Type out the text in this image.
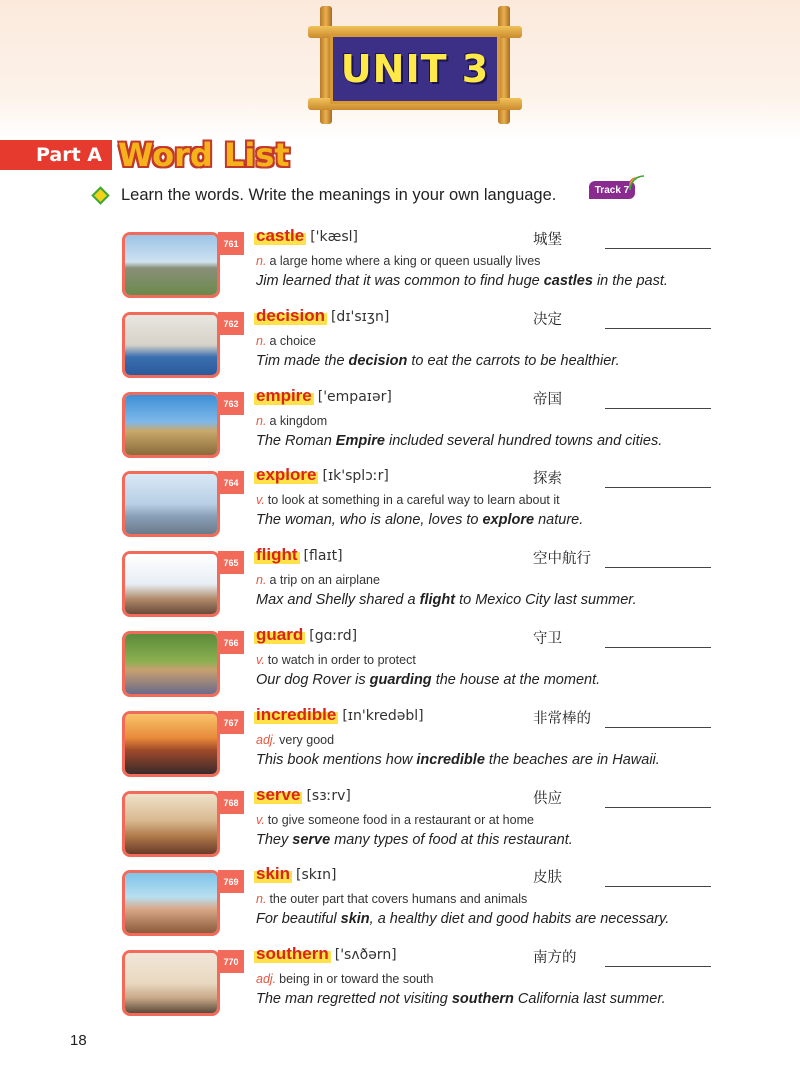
UNIT 3
Part A Word List
Learn the words. Write the meanings in your own language.	Track 7
761	castle ['kæsl]	城堡
n. a large home where a king or queen usually lives
Jim learned that it was common to find huge castles in the past.
762	decision [dɪ'sɪʒn]	决定
n. a choice
Tim made the decision to eat the carrots to be healthier.
763	empire ['empaɪər]	帝国
n. a kingdom
The Roman Empire included several hundred towns and cities.
764	explore [ɪk'splɔːr]	探索
v. to look at something in a careful way to learn about it
The woman, who is alone, loves to explore nature.
765	flight [flaɪt]	空中航行
n. a trip on an airplane
Max and Shelly shared a flight to Mexico City last summer.
766	guard [gɑːrd]	守卫
v. to watch in order to protect
Our dog Rover is guarding the house at the moment.
767	incredible [ɪn'kredəbl]	非常棒的
adj. very good
This book mentions how incredible the beaches are in Hawaii.
768	serve [sɜːrv]	供应
v. to give someone food in a restaurant or at home
They serve many types of food at this restaurant.
769	skin [skɪn]	皮肤
n. the outer part that covers humans and animals
For beautiful skin, a healthy diet and good habits are necessary.
770	southern ['sʌðərn]	南方的
adj. being in or toward the south
The man regretted not visiting southern California last summer.
18
